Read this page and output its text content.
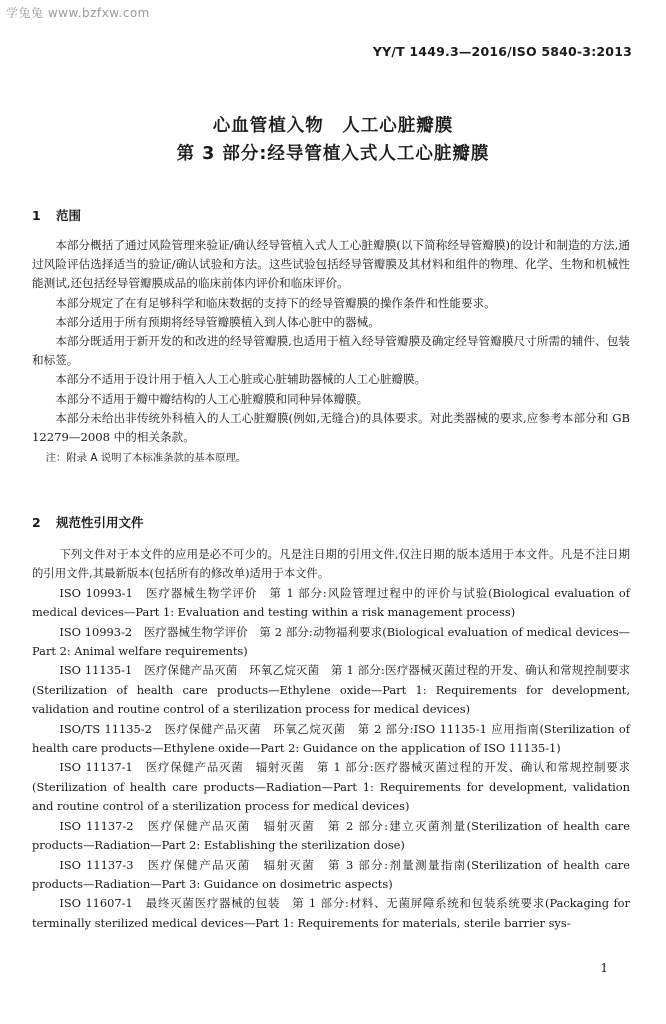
学兔兔 www.bzfxw.com
YY/T 1449.3—2016/ISO 5840-3:2013
心血管植入物　人工心脏瓣膜
第 3 部分:经导管植入式人工心脏瓣膜
1 范围

本部分概括了通过风险管理来验证/确认经导管植入式人工心脏瓣膜(以下简称经导管瓣膜)的设计和制造的方法,通过风险评估选择适当的验证/确认试验和方法。这些试验包括经导管瓣膜及其材料和组件的物理、化学、生物和机械性能测试,还包括经导管瓣膜成品的临床前体内评价和临床评价。

本部分规定了在有足够科学和临床数据的支持下的经导管瓣膜的操作条件和性能要求。

本部分适用于所有预期将经导管瓣膜植入到人体心脏中的器械。

本部分既适用于新开发的和改进的经导管瓣膜,也适用于植入经导管瓣膜及确定经导管瓣膜尺寸所需的辅件、包装和标签。

本部分不适用于设计用于植入人工心脏或心脏辅助器械的人工心脏瓣膜。

本部分不适用于瓣中瓣结构的人工心脏瓣膜和同种异体瓣膜。

本部分未给出非传统外科植入的人工心脏瓣膜(例如,无缝合)的具体要求。对此类器械的要求,应参考本部分和 GB 12279—2008 中的相关条款。

注：附录 A 说明了本标准条款的基本原理。

2 规范性引用文件

下列文件对于本文件的应用是必不可少的。凡是注日期的引用文件,仅注日期的版本适用于本文件。凡是不注日期的引用文件,其最新版本(包括所有的修改单)适用于本文件。

ISO 10993-1　医疗器械生物学评价　第 1 部分:风险管理过程中的评价与试验(Biological evaluation of medical devices—Part 1: Evaluation and testing within a risk management process)

ISO 10993-2　医疗器械生物学评价　第 2 部分:动物福利要求(Biological evaluation of medical devices—Part 2: Animal welfare requirements)

ISO 11135-1　医疗保健产品灭菌　环氧乙烷灭菌　第 1 部分:医疗器械灭菌过程的开发、确认和常规控制要求(Sterilization of health care products—Ethylene oxide—Part 1: Requirements for development, validation and routine control of a sterilization process for medical devices)

ISO/TS 11135-2　医疗保健产品灭菌　环氧乙烷灭菌　第 2 部分:ISO 11135-1 应用指南(Sterilization of health care products—Ethylene oxide—Part 2: Guidance on the application of ISO 11135-1)

ISO 11137-1　医疗保健产品灭菌　辐射灭菌　第 1 部分:医疗器械灭菌过程的开发、确认和常规控制要求(Sterilization of health care products—Radiation—Part 1: Requirements for development, validation and routine control of a sterilization process for medical devices)

ISO 11137-2　医疗保健产品灭菌　辐射灭菌　第 2 部分:建立灭菌剂量(Sterilization of health care products—Radiation—Part 2: Establishing the sterilization dose)

ISO 11137-3　医疗保健产品灭菌　辐射灭菌　第 3 部分:剂量测量指南(Sterilization of health care products—Radiation—Part 3: Guidance on dosimetric aspects)

ISO 11607-1　最终灭菌医疗器械的包装　第 1 部分:材料、无菌屏障系统和包装系统要求(Packaging for terminally sterilized medical devices—Part 1: Requirements for materials, sterile barrier sys-

1
